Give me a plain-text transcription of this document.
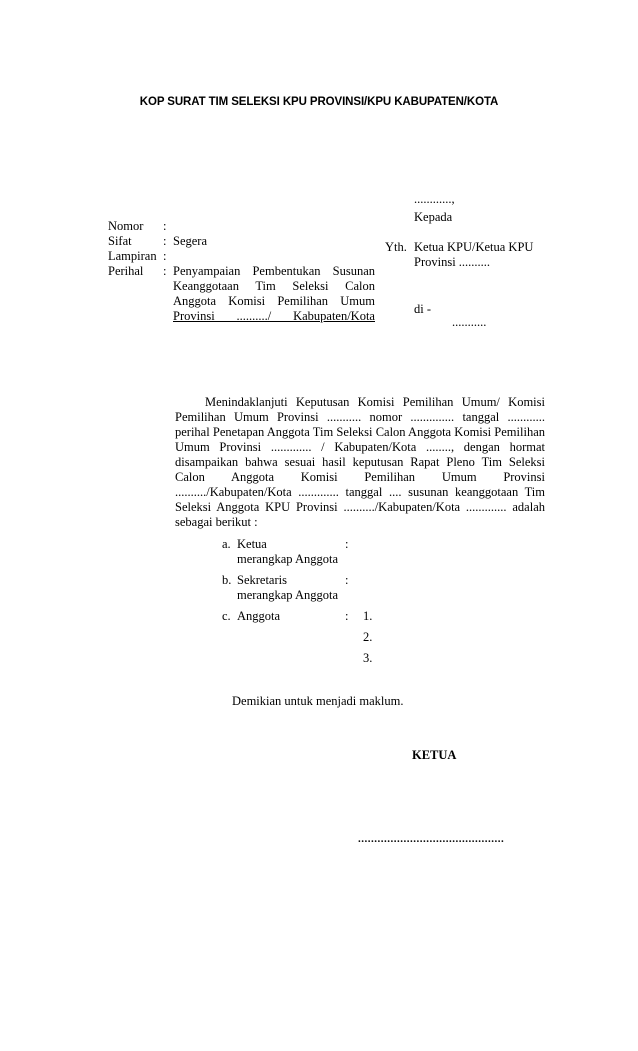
KOP SURAT TIM SELEKSI KPU PROVINSI/KPU KABUPATEN/KOTA
............,
Kepada
Yth. Ketua KPU/Ketua KPU
Provinsi ..........
di -
...........
Nomor	:	
Sifat	:	Segera
Lampiran	:	
Perihal	:	Penyampaian Pembentukan Susunan
Keanggotaan Tim Seleksi Calon
Anggota Komisi Pemilihan Umum
Provinsi ........../ Kabupaten/Kota
Menindaklanjuti Keputusan Komisi Pemilihan Umum/ Komisi Pemilihan Umum Provinsi ........... nomor .............. tanggal ............ perihal Penetapan Anggota Tim Seleksi Calon Anggota Komisi Pemilihan Umum Provinsi ............. / Kabupaten/Kota ........, dengan hormat disampaikan bahwa sesuai hasil keputusan Rapat Pleno Tim Seleksi Calon Anggota Komisi Pemilihan Umum Provinsi ........../Kabupaten/Kota ............. tanggal .... susunan keanggotaan Tim Seleksi Anggota KPU Provinsi ........../Kabupaten/Kota ............. adalah sebagai berikut :
a.	Ketua
merangkap Anggota	:	

b.	Sekretaris
merangkap Anggota	:	

c.	Anggota	:	1.
2.
3.
Demikian untuk menjadi maklum.
KETUA
.............................................
